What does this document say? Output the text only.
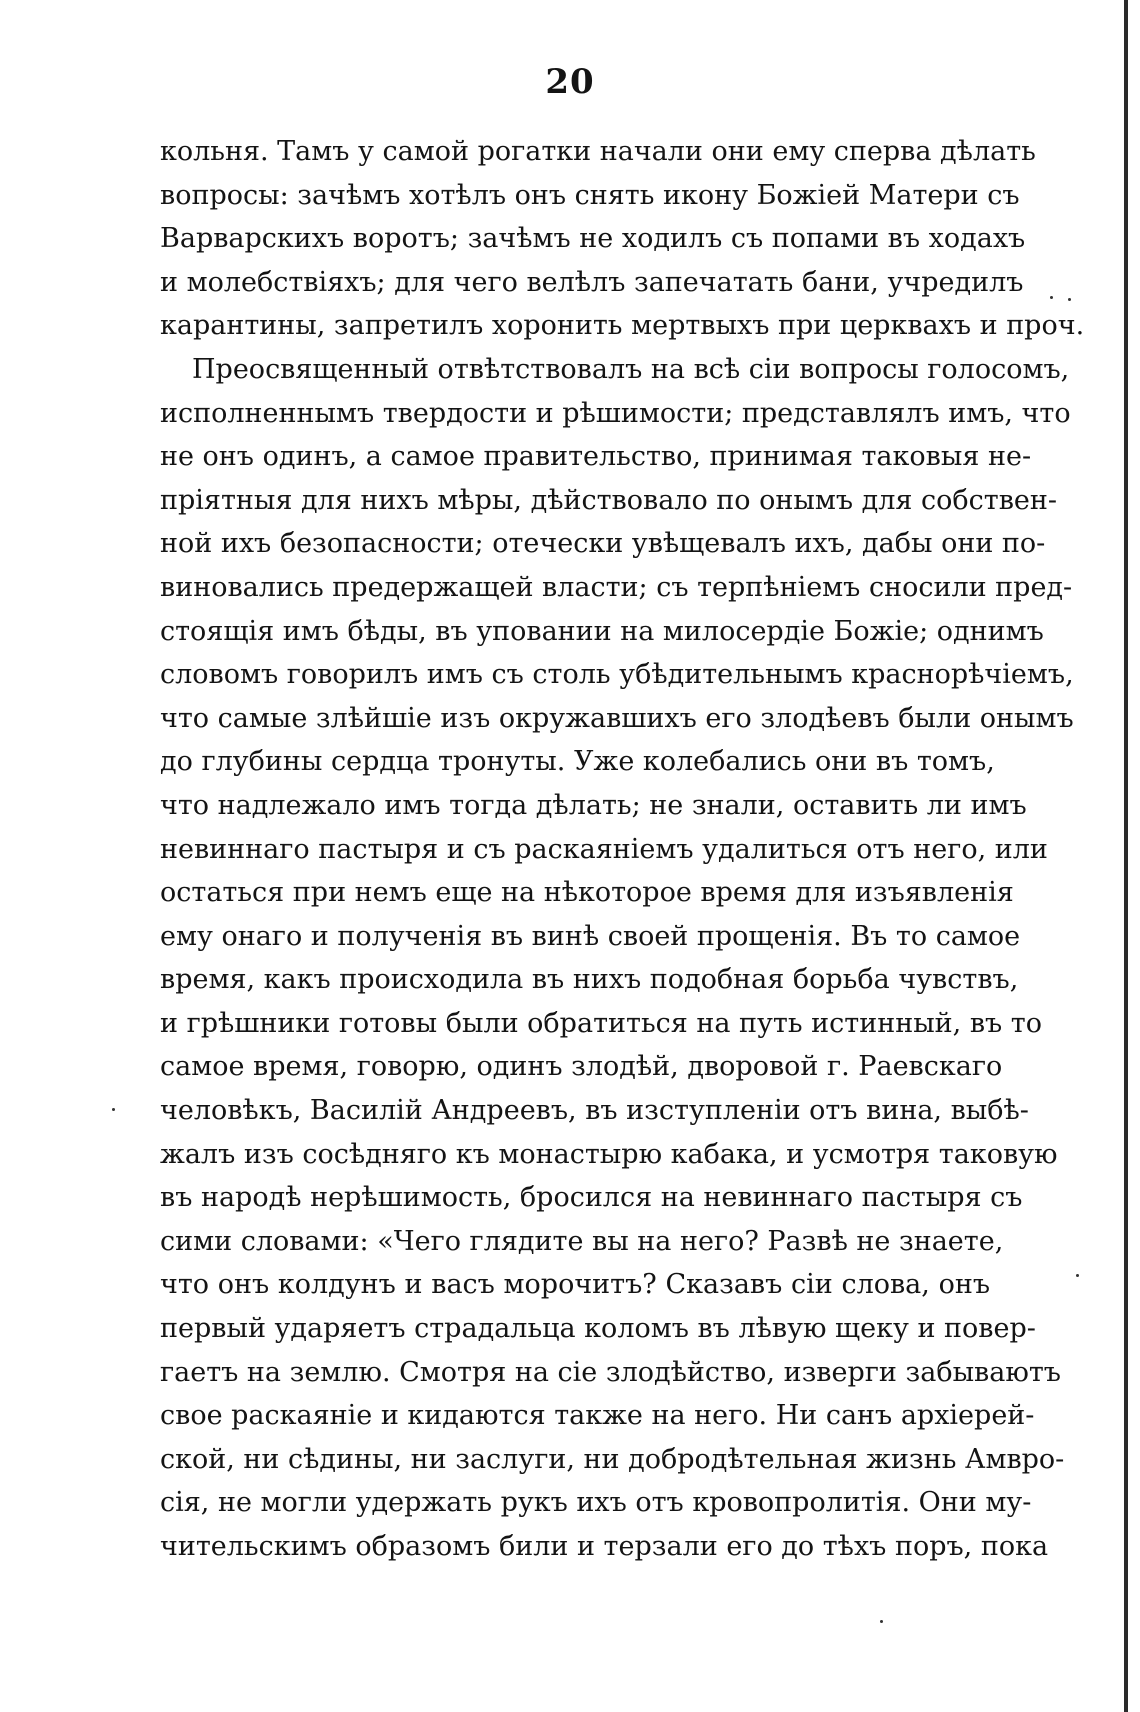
20
кольня. Тамъ у самой рогатки начали они ему сперва дѣлать
вопросы: зачѣмъ хотѣлъ онъ снять икону Божiей Матери съ
Варварскихъ воротъ; зачѣмъ не ходилъ съ попами въ ходахъ
и молебствiяхъ; для чего велѣлъ запечатать бани, учредилъ
карантины, запретилъ хоронить мертвыхъ при церквахъ и проч.
Преосвященный отвѣтствовалъ на всѣ сiи вопросы голосомъ,
исполненнымъ твердости и рѣшимости; представлялъ имъ, что
не онъ одинъ, а самое правительство, принимая таковыя не-
прiятныя для нихъ мѣры, дѣйствовало по онымъ для собствен-
ной ихъ безопасности; отечески увѣщевалъ ихъ, дабы они по-
виновались предержащей власти; съ терпѣнiемъ сносили пред-
стоящiя имъ бѣды, въ уповании на милосердiе Божiе; однимъ
словомъ говорилъ имъ съ столь убѣдительнымъ краснорѣчiемъ,
что самые злѣйшiе изъ окружавшихъ его злодѣевъ были онымъ
до глубины сердца тронуты. Уже колебались они въ томъ,
что надлежало имъ тогда дѣлать; не знали, оставить ли имъ
невиннаго пастыря и съ раскаянiемъ удалиться отъ него, или
остаться при немъ еще на нѣкоторое время для изъявленiя
ему онаго и полученiя въ винѣ своей прощенiя. Въ то самое
время, какъ происходила въ нихъ подобная борьба чувствъ,
и грѣшники готовы были обратиться на путь истинный, въ то
самое время, говорю, одинъ злодѣй, дворовой г. Раевскаго
человѣкъ, Василiй Андреевъ, въ изступленiи отъ вина, выбѣ-
жалъ изъ сосѣдняго къ монастырю кабака, и усмотря таковую
въ народѣ нерѣшимость, бросился на невиннаго пастыря съ
сими словами: «Чего глядите вы на него? Развѣ не знаете,
что онъ колдунъ и васъ морочитъ? Сказавъ сiи слова, онъ
первый ударяетъ страдальца коломъ въ лѣвую щеку и повер-
гаетъ на землю. Смотря на сiе злодѣйство, изверги забываютъ
свое раскаянiе и кидаются также на него. Ни санъ архiерей-
ской, ни сѣдины, ни заслуги, ни добродѣтельная жизнь Амвро-
сiя, не могли удержать рукъ ихъ отъ кровопролитiя. Они му-
чительскимъ образомъ били и терзали его до тѣхъ поръ, пока
